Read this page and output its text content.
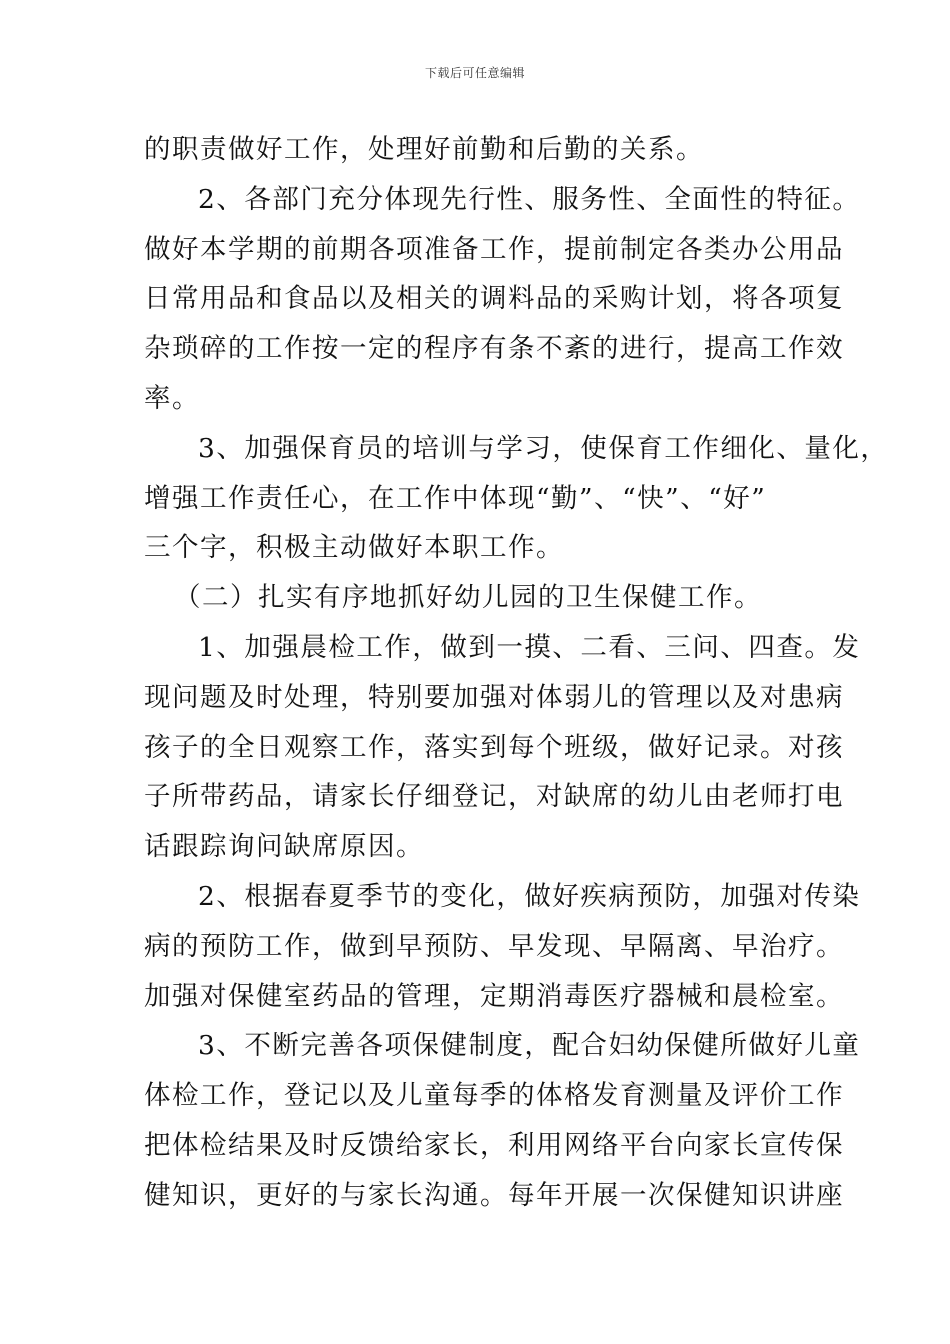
下载后可任意编辑
的职责做好工作，处理好前勤和后勤的关系。
2、各部门充分体现先行性、服务性、全面性的特征。
做好本学期的前期各项准备工作，提前制定各类办公用品
日常用品和食品以及相关的调料品的采购计划，将各项复
杂琐碎的工作按一定的程序有条不紊的进行，提高工作效
率。
3、加强保育员的培训与学习，使保育工作细化、量化，
增强工作责任心，在工作中体现“勤”、“快”、“好”
三个字，积极主动做好本职工作。
（二）扎实有序地抓好幼儿园的卫生保健工作。
1、加强晨检工作，做到一摸、二看、三问、四查。发
现问题及时处理，特别要加强对体弱儿的管理以及对患病
孩子的全日观察工作，落实到每个班级，做好记录。对孩
子所带药品，请家长仔细登记，对缺席的幼儿由老师打电
话跟踪询问缺席原因。
2、根据春夏季节的变化，做好疾病预防，加强对传染
病的预防工作，做到早预防、早发现、早隔离、早治疗。
加强对保健室药品的管理，定期消毒医疗器械和晨检室。
3、不断完善各项保健制度，配合妇幼保健所做好儿童
体检工作，登记以及儿童每季的体格发育测量及评价工作
把体检结果及时反馈给家长，利用网络平台向家长宣传保
健知识，更好的与家长沟通。每年开展一次保健知识讲座
